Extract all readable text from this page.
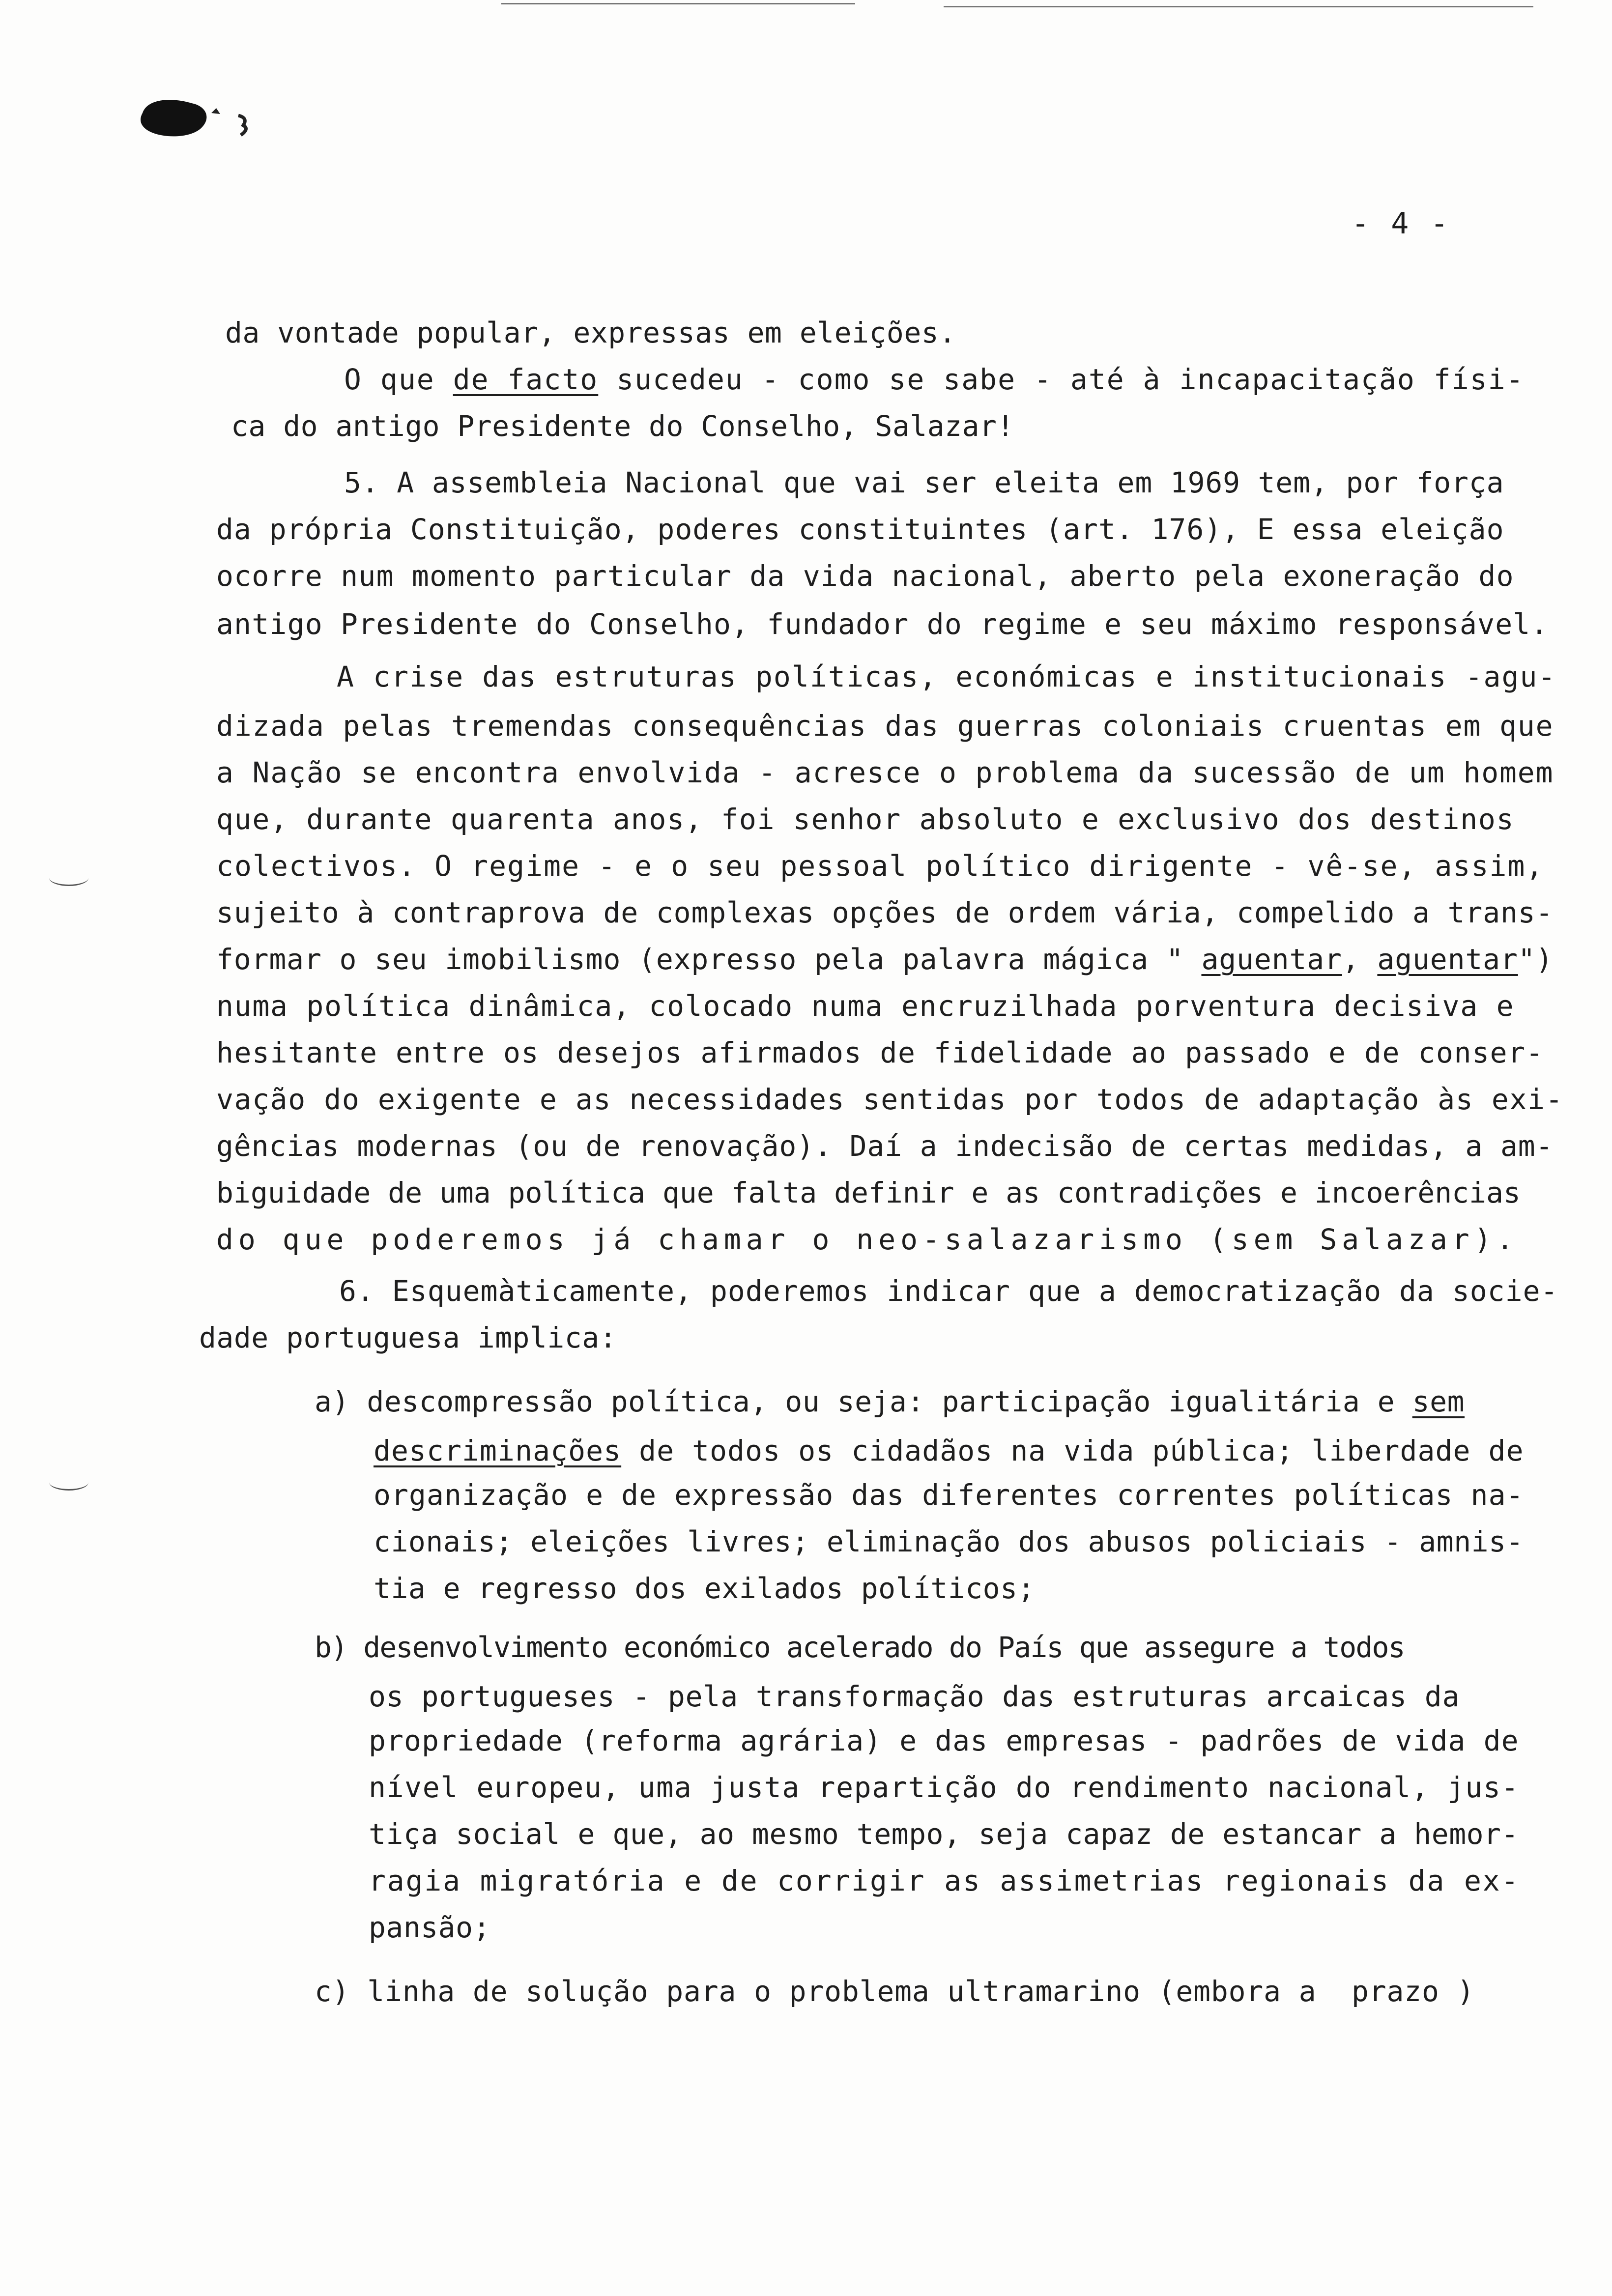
- 4 -
da vontade popular, expressas em eleições.
O que de facto sucedeu - como se sabe - até à incapacitação físi-
ca do antigo Presidente do Conselho, Salazar!
5. A assembleia Nacional que vai ser eleita em 1969 tem, por força
da própria Constituição, poderes constituintes (art. 176), E essa eleição
ocorre num momento particular da vida nacional, aberto pela exoneração do
antigo Presidente do Conselho, fundador do regime e seu máximo responsável.
A crise das estruturas políticas, económicas e institucionais -agu-
dizada pelas tremendas consequências das guerras coloniais cruentas em que
a Nação se encontra envolvida - acresce o problema da sucessão de um homem
que, durante quarenta anos, foi senhor absoluto e exclusivo dos destinos
colectivos. O regime - e o seu pessoal político dirigente - vê-se, assim,
sujeito à contraprova de complexas opções de ordem vária, compelido a trans-
formar o seu imobilismo (expresso pela palavra mágica " aguentar, aguentar")
numa política dinâmica, colocado numa encruzilhada porventura decisiva e
hesitante entre os desejos afirmados de fidelidade ao passado e de conser-
vação do exigente e as necessidades sentidas por todos de adaptação às exi-
gências modernas (ou de renovação). Daí a indecisão de certas medidas, a am-
biguidade de uma política que falta definir e as contradições e incoerências
do que poderemos já chamar o neo-salazarismo (sem Salazar).
6. Esquemàticamente, poderemos indicar que a democratização da socie-
dade portuguesa implica:
a) descompressão política, ou seja: participação igualitária e sem
descriminações de todos os cidadãos na vida pública; liberdade de
organização e de expressão das diferentes correntes políticas na-
cionais; eleições livres; eliminação dos abusos policiais - amnis-
tia e regresso dos exilados políticos;
b) desenvolvimento económico acelerado do País que assegure a todos
os portugueses - pela transformação das estruturas arcaicas da
propriedade (reforma agrária) e das empresas - padrões de vida de
nível europeu, uma justa repartição do rendimento nacional, jus-
tiça social e que, ao mesmo tempo, seja capaz de estancar a hemor-
ragia migratória e de corrigir as assimetrias regionais da ex-
pansão;
c) linha de solução para o problema ultramarino (embora a  prazo )
